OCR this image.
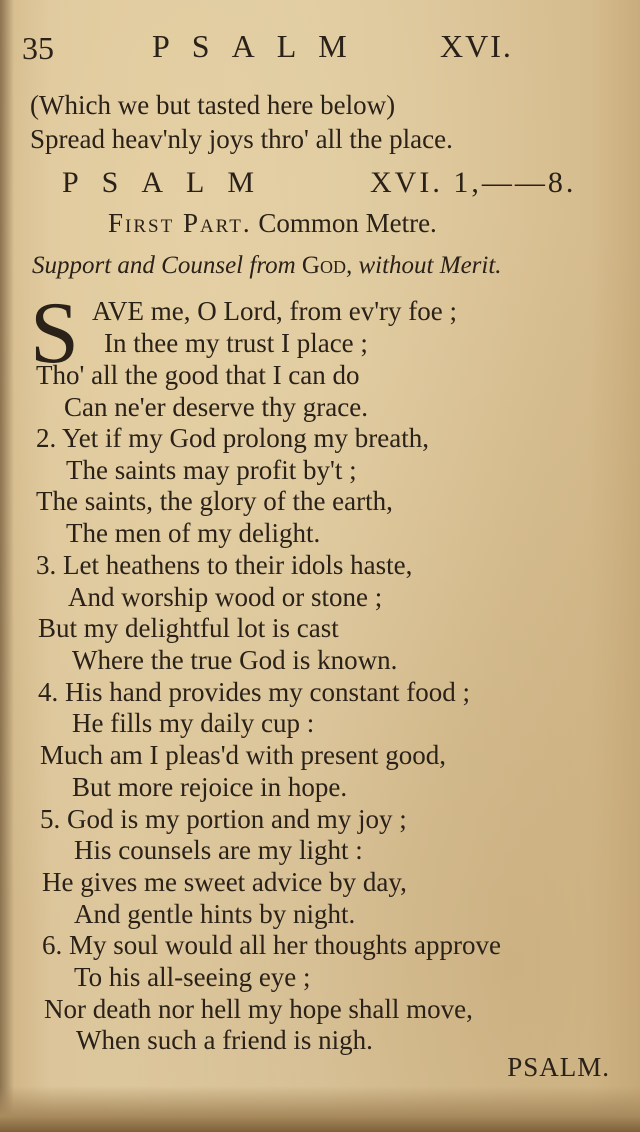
35	PSALM XVI.
(Which we but tasted here below)
Spread heav'nly joys thro' all the place.
PSALM	XVI. 1,——8.
First Part. Common Metre.
Support and Counsel from God, without Merit.
S AVE me, O Lord, from ev'ry foe ;
In thee my trust I place ;
Tho' all the good that I can do
Can ne'er deserve thy grace.
2. Yet if my God prolong my breath,
The saints may profit by't ;
The saints, the glory of the earth,
The men of my delight.
3. Let heathens to their idols haste,
And worship wood or stone ;
But my delightful lot is cast
Where the true God is known.
4. His hand provides my constant food ;
He fills my daily cup :
Much am I pleas'd with present good,
But more rejoice in hope.
5. God is my portion and my joy ;
His counsels are my light :
He gives me sweet advice by day,
And gentle hints by night.
6. My soul would all her thoughts approve
To his all-seeing eye ;
Nor death nor hell my hope shall move,
When such a friend is nigh.
PSALM.
